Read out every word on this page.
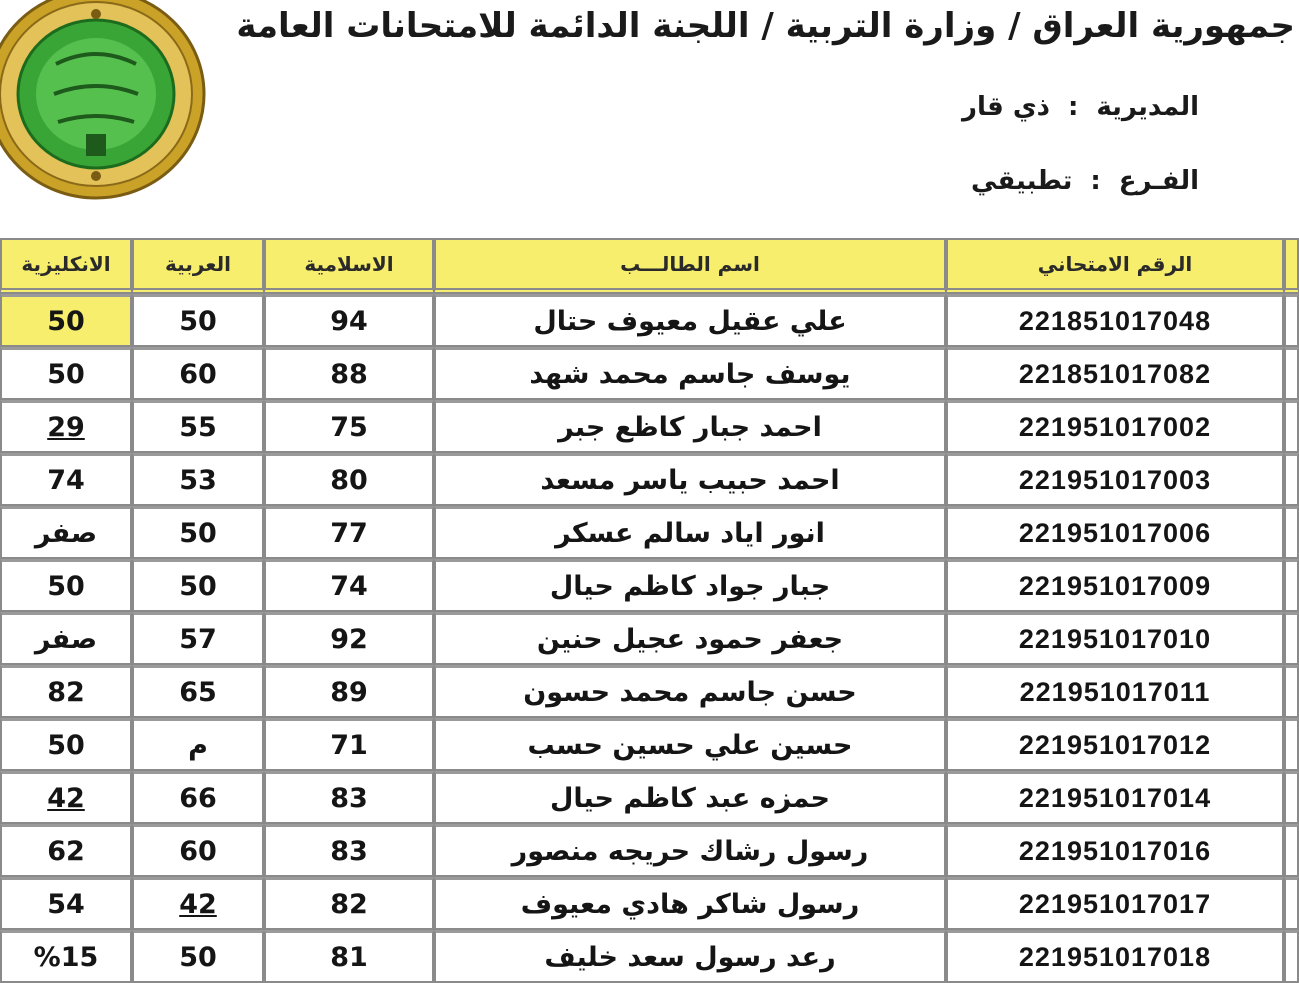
جمهورية العراق / وزارة التربية / اللجنة الدائمة للامتحانات العامة
المديرية:ذي قار
الفـرع:تطبيقي
الانكليزية	العربية	الاسلامية	اسم الطالـــب	الرقم الامتحاني	
50	50	94	علي عقيل معيوف حتال	221851017048	
50	60	88	يوسف جاسم محمد شهد	221851017082	
29	55	75	احمد جبار كاظع جبر	221951017002	
74	53	80	احمد حبيب ياسر مسعد	221951017003	
صفر	50	77	انور اياد سالم عسكر	221951017006	
50	50	74	جبار جواد كاظم حيال	221951017009	
صفر	57	92	جعفر حمود عجيل حنين	221951017010	
82	65	89	حسن جاسم محمد حسون	221951017011	
50	م	71	حسين علي حسين حسب	221951017012	
42	66	83	حمزه عبد كاظم حيال	221951017014	
62	60	83	رسول رشاك حريجه منصور	221951017016	
54	42	82	رسول شاكر هادي معيوف	221951017017	
%15	50	81	رعد رسول سعد خليف	221951017018	
